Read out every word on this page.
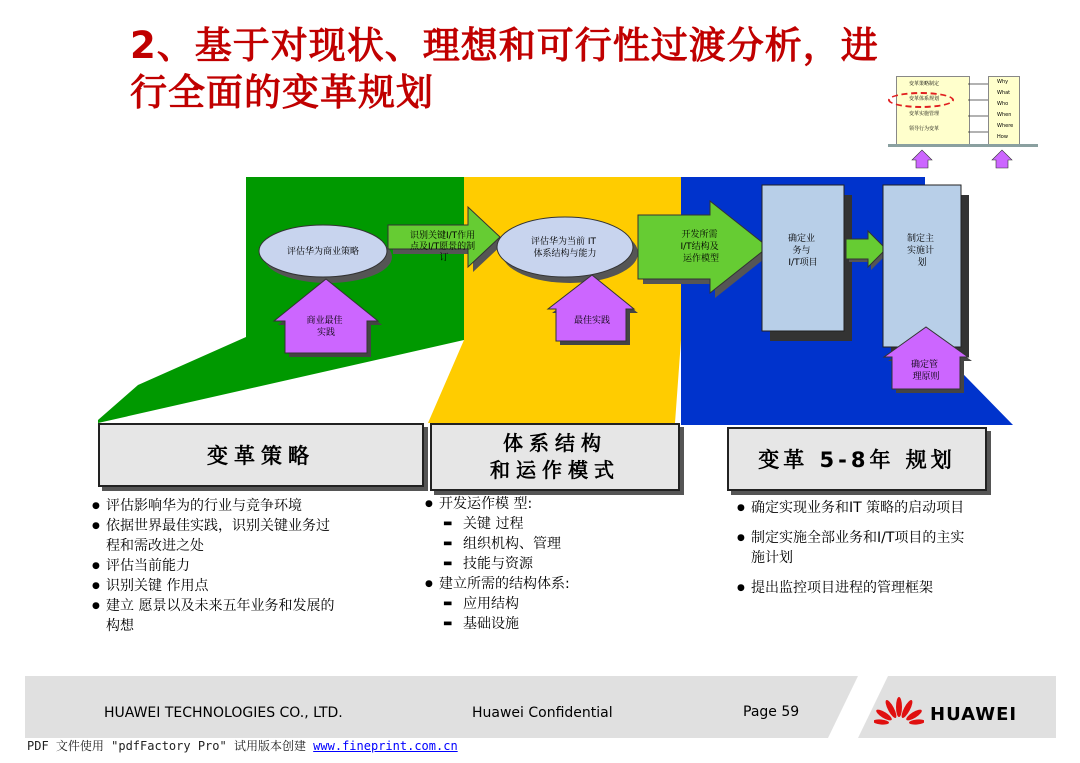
2、基于对现状、理想和可行性过渡分析，进
行全面的变革规划	变革策略制定
变革体系规划
变革实施管理
领导行为变革
Why
What
Who
When
Where
How
评估华为商业策略
识别关键I/T作用 点及I/T愿景的制 订
评估华为当前 IT 体系结构与能力
开发所需 I/T结构及 运作模型
确定业 务与 I/T项目
制定主 实施计 划
商业最佳 实践
最佳实践
确定管 理原则
变革策略
体系结构
和运作模式	变革 5-8年 规划
● 评估影响华为的行业与竞争环境
● 依据世界最佳实践，识别关键业务过
程和需改进之处
● 评估当前能力
● 识别关键 作用点
● 建立 愿景以及未来五年业务和发展的
构想
● 开发运作模 型:
▬ 关键 过程
▬ 组织机构、管理
▬ 技能与资源
● 建立所需的结构体系:
▬ 应用结构
▬ 基础设施
● 确定实现业务和IT 策略的启动项目
● 制定实施全部业务和I/T项目的主实
施计划
● 提出监控项目进程的管理框架
HUAWEI TECHNOLOGIES CO., LTD.	Huawei Confidential	Page 59	HUAWEI
PDF 文件使用 "pdfFactory Pro" 试用版本创建 www.fineprint.com.cn
